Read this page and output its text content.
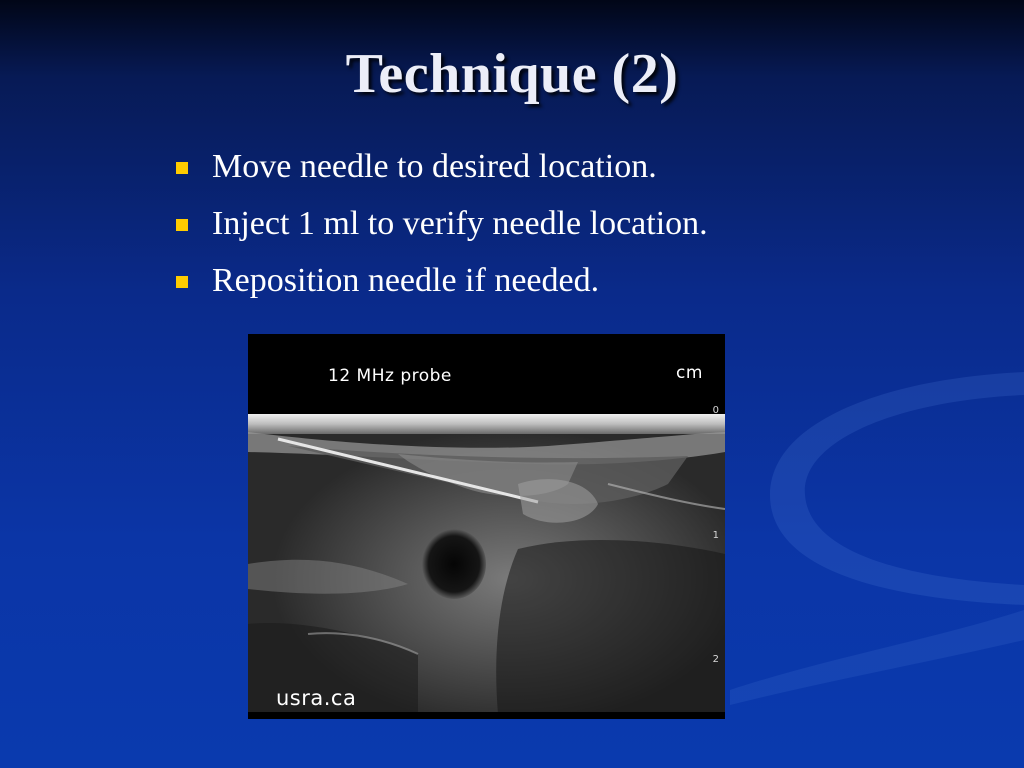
Technique (2)
Move needle to desired location.
Inject 1 ml to verify needle location.
Reposition needle if needed.
12 MHz probe	cm
0
1
2
usra.ca
